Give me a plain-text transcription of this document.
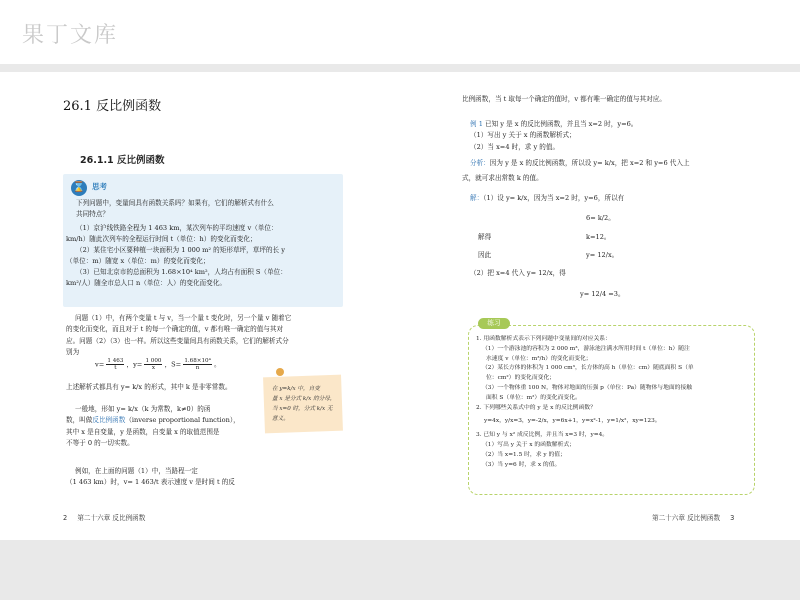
果丁文库
26.1 反比例函数
26.1.1 反比例函数
⌛ 思考
下列问题中，变量间具有函数关系吗？如果有，它们的解析式有什么
共同特点？
（1）京沪线铁路全程为 1 463 km，某次列车的平均速度 v（单位：
km/h）随此次列车的全程运行时间 t（单位：h）的变化而变化；
（2）某住宅小区要种植一块面积为 1 000 m² 的矩形草坪，草坪的长 y
（单位：m）随宽 x（单位：m）的变化而变化；
（3）已知北京市的总面积为 1.68×10⁴ km²，人均占有面积 S（单位：
km²/人）随全市总人口 n（单位：人）的变化而变化。
问题（1）中，有两个变量 t 与 v，当一个量 t 变化时，另一个量 v 随着它
的变化而变化，而且对于 t 的每一个确定的值，v 都有唯一确定的值与其对
应。问题（2）（3）也一样。所以这些变量间具有函数关系，它们的解析式分
别为
$v= \frac{1 463}{t}$ ，$y= \frac{1 000}{x}$ ，$S= \frac{\text{1.68×10⁴}}{n}$ 。
上述解析式都具有 y= k/x 的形式，其中 k 是非零常数。
一般地，形如 y= k/x（k 为常数，k≠0）的函
数，叫做反比例函数（inverse proportional function），
其中 x 是自变量，y 是函数，自变量 x 的取值范围是
不等于 0 的一切实数。
例如，在上面的问题（1）中，当路程一定
（1 463 km）时，v= 1 463/t 表示速度 v 是时间 t 的反
在 y=k/x 中，自变
量 x 是分式 k/x 的分母，
当 x=0 时，分式 k/x 无
意义。
2 第二十六章 反比例函数
比例函数，当 t 取每一个确定的值时，v 都有唯一确定的值与其对应。
例 1 已知 y 是 x 的反比例函数，并且当 x=2 时，y=6。
（1）写出 y 关于 x 的函数解析式；
（2）当 x=4 时，求 y 的值。
分析：因为 y 是 x 的反比例函数，所以设 y= k/x，把 x=2 和 y=6 代入上
式，就可求出常数 k 的值。
解：（1）设 y= k/x，因为当 x=2 时，y=6，所以有
6= k/2。
解得	k=12。
因此	y= 12/x。
（2）把 x=4 代入 y= 12/x，得
y= 12/4 =3。
练习
1. 用函数解析式表示下列问题中变量间的对应关系：
（1）一个游泳池的容积为 2 000 m³，游泳池注满水所用时间 t（单位：h）随注
水速度 v（单位：m³/h）的变化而变化；
（2）某长方体的体积为 1 000 cm³，长方体的高 h（单位：cm）随底面积 S（单
位：cm²）的变化而变化；
（3）一个物体重 100 N，物体对地面的压强 p（单位：Pa）随物体与地面的接触
面积 S（单位：m²）的变化而变化。
2. 下列哪些关系式中的 y 是 x 的反比例函数？
y=4x，y/x=3，y=-2/x，y=6x+1，y=x²-1，y=1/x²，xy=123。
3. 已知 y 与 x² 成反比例，并且当 x=3 时，y=4。
（1）写出 y 关于 x 的函数解析式；
（2）当 x=1.5 时，求 y 的值；
（3）当 y=6 时，求 x 的值。
第二十六章 反比例函数 3
